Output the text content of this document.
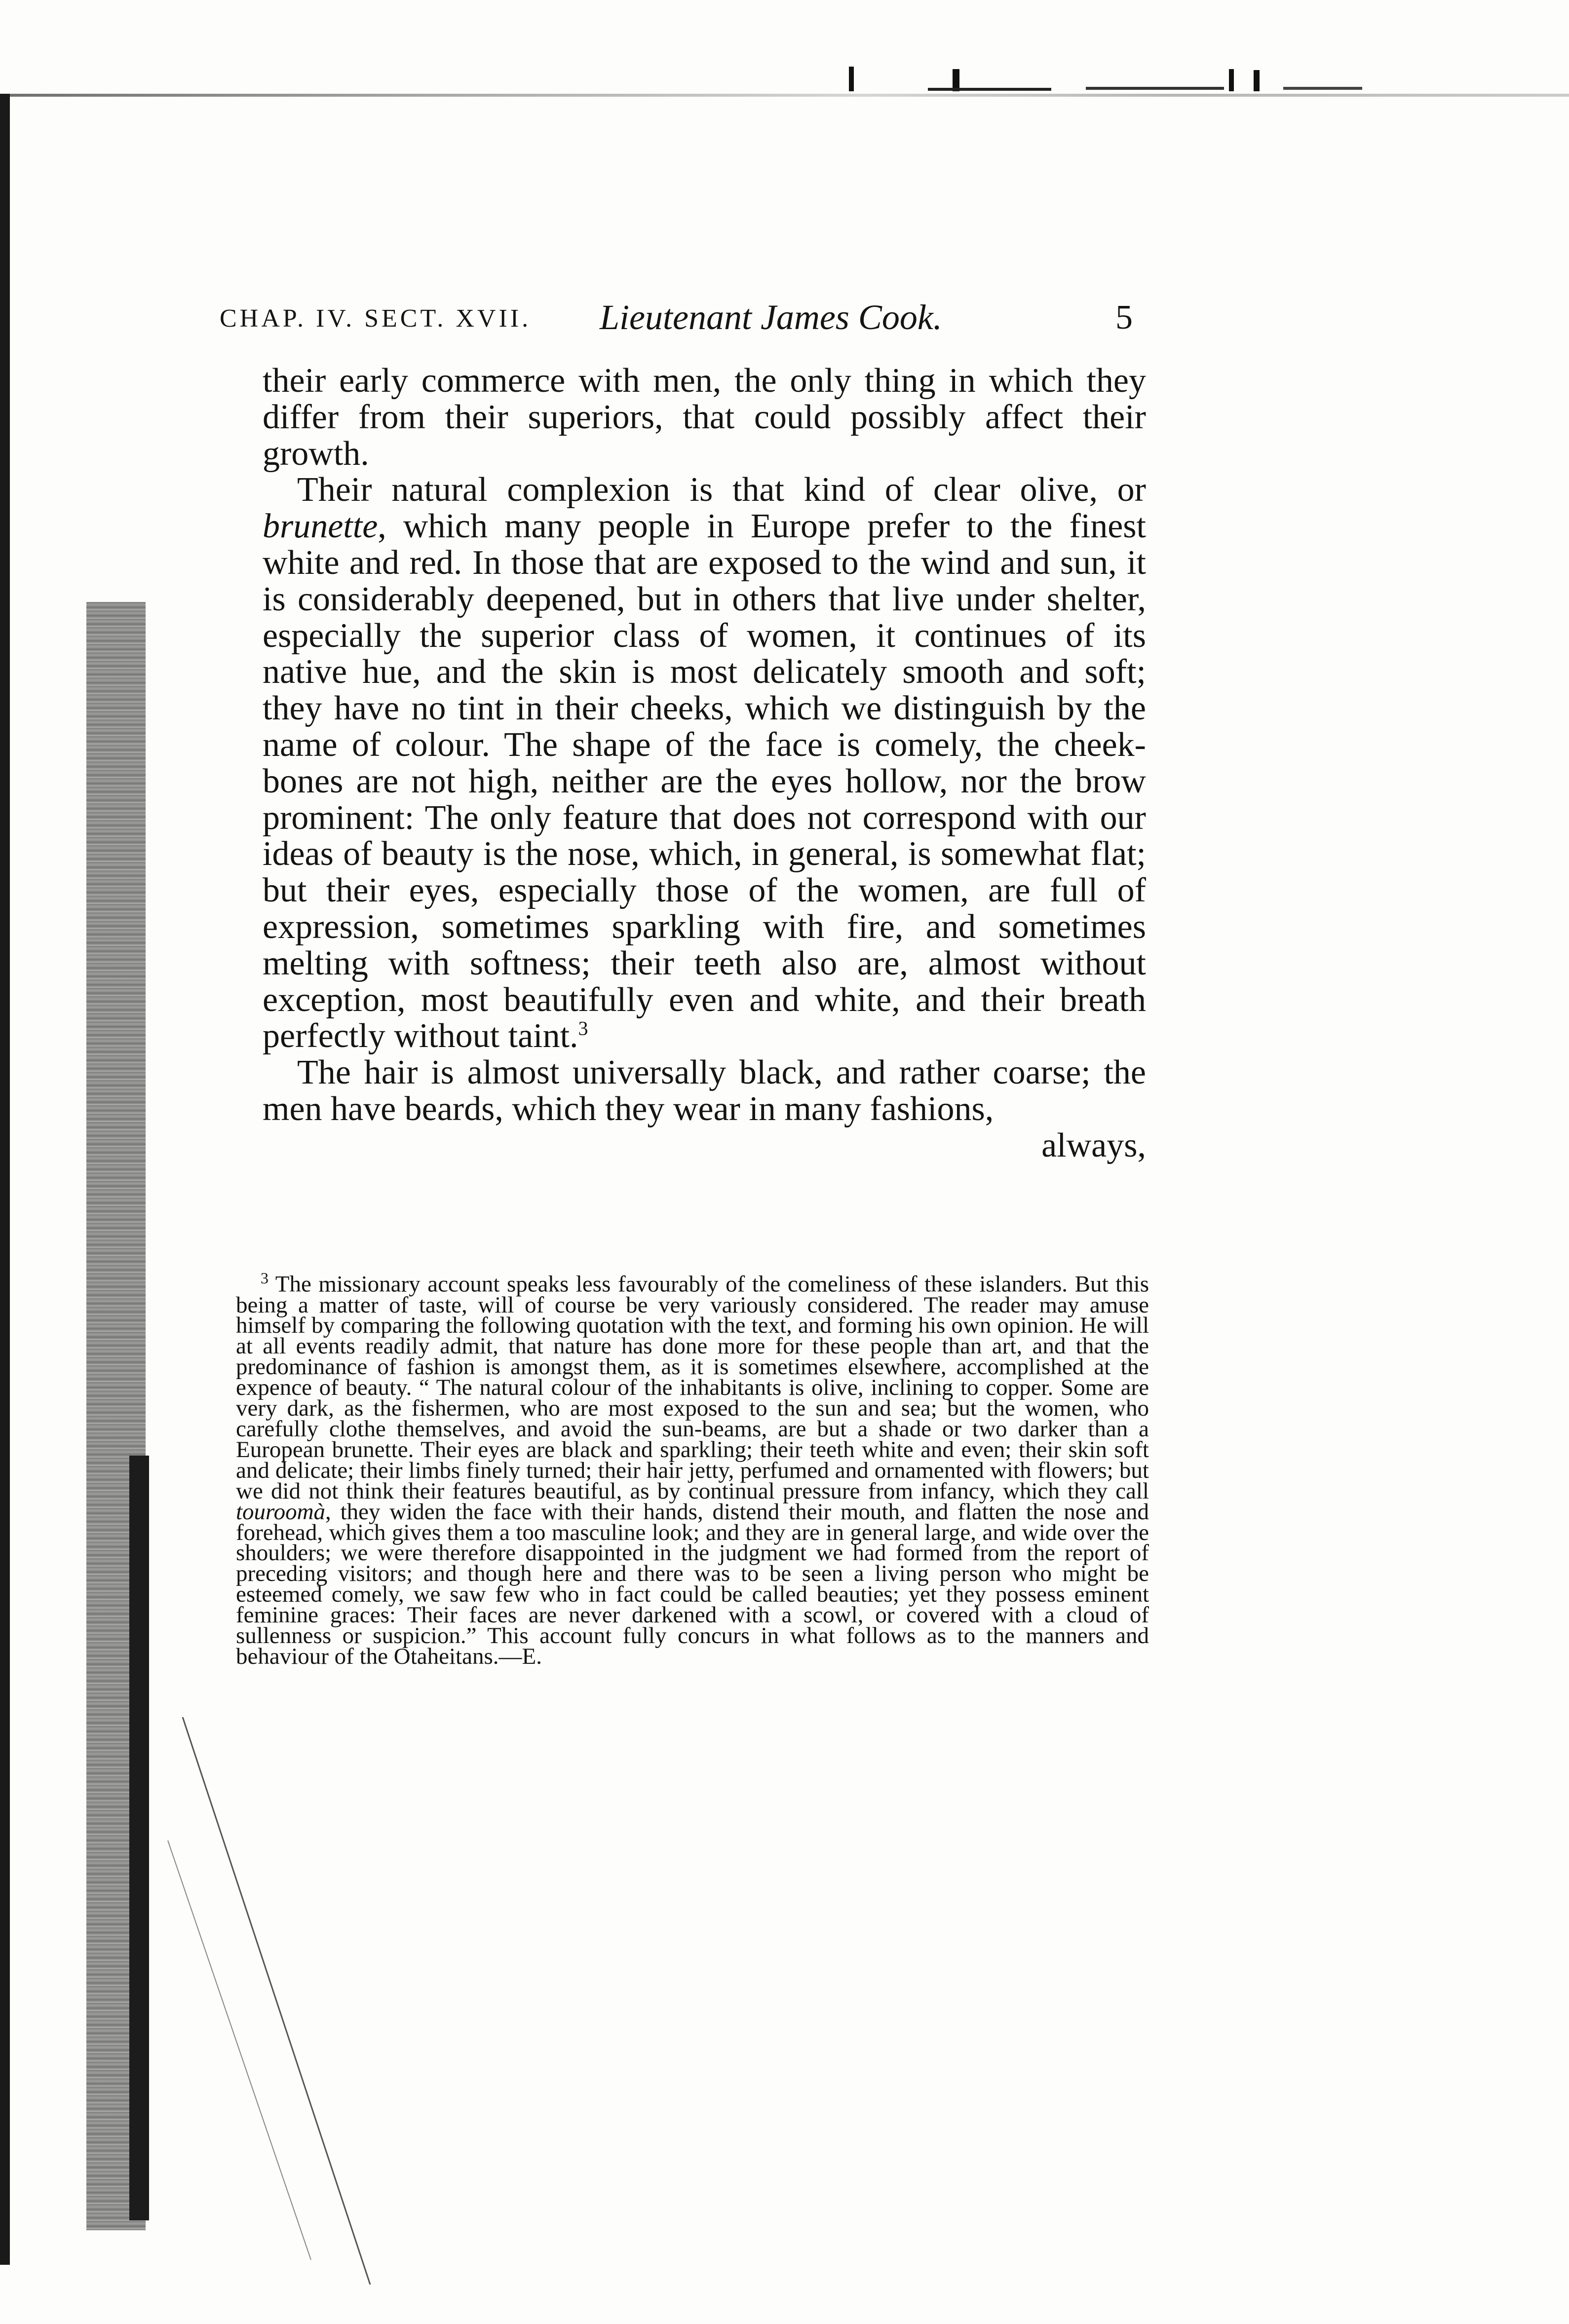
CHAP. IV. SECT. XVII. Lieutenant James Cook.	5

their early commerce with men, the only thing in which they differ from their superiors, that could possibly affect their growth.

Their natural complexion is that kind of clear olive, or brunette, which many people in Europe prefer to the finest white and red. In those that are exposed to the wind and sun, it is considerably deepened, but in others that live under shelter, especially the superior class of women, it continues of its native hue, and the skin is most delicately smooth and soft; they have no tint in their cheeks, which we distinguish by the name of colour. The shape of the face is comely, the cheek-bones are not high, neither are the eyes hollow, nor the brow prominent: The only feature that does not correspond with our ideas of beauty is the nose, which, in general, is somewhat flat; but their eyes, especially those of the women, are full of expression, sometimes sparkling with fire, and sometimes melting with softness; their teeth also are, almost without exception, most beautifully even and white, and their breath perfectly without taint.$^3$

The hair is almost universally black, and rather coarse; the men have beards, which they wear in many fashions,

always,

$^3$ The missionary account speaks less favourably of the comeliness of these islanders. But this being a matter of taste, will of course be very variously considered. The reader may amuse himself by comparing the following quotation with the text, and forming his own opinion. He will at all events readily admit, that nature has done more for these people than art, and that the predominance of fashion is amongst them, as it is sometimes elsewhere, accomplished at the expence of beauty. “ The natural colour of the inhabitants is olive, inclining to copper. Some are very dark, as the fishermen, who are most exposed to the sun and sea; but the women, who carefully clothe themselves, and avoid the sun-beams, are but a shade or two darker than a European brunette. Their eyes are black and sparkling; their teeth white and even; their skin soft and delicate; their limbs finely turned; their hair jetty, perfumed and ornamented with flowers; but we did not think their features beautiful, as by continual pressure from infancy, which they call touroomà, they widen the face with their hands, distend their mouth, and flatten the nose and forehead, which gives them a too masculine look; and they are in general large, and wide over the shoulders; we were therefore disappointed in the judgment we had formed from the report of preceding visitors; and though here and there was to be seen a living person who might be esteemed comely, we saw few who in fact could be called beauties; yet they possess eminent feminine graces: Their faces are never darkened with a scowl, or covered with a cloud of sullenness or suspicion.” This account fully concurs in what follows as to the manners and behaviour of the Otaheitans.—E.
